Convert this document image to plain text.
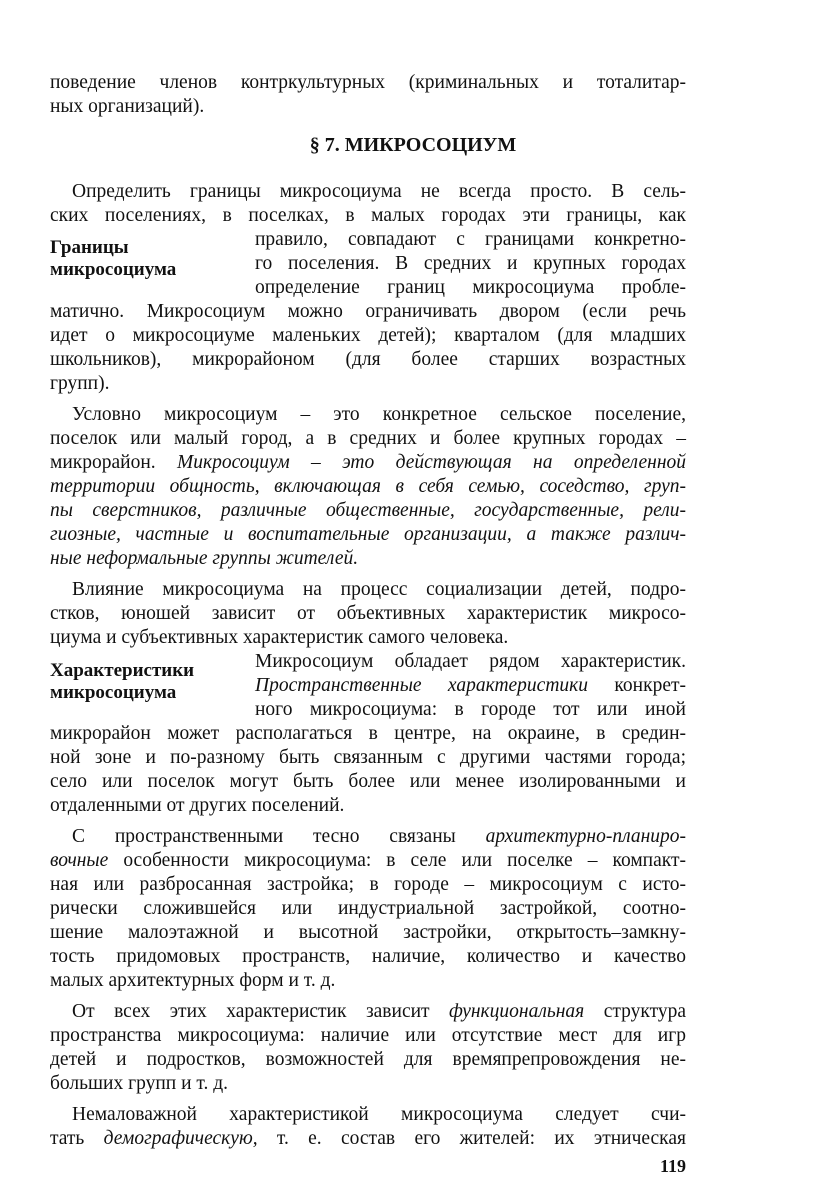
поведение членов контркультурных (криминальных и тоталитар-

ных организаций).

§ 7. МИКРОСОЦИУМ

Определить границы микросоциума не всегда просто. В сель-

ских поселениях, в поселках, в малых городах эти границы, как

Границы

микросоциума

правило, совпадают с границами конкретно-

го поселения. В средних и крупных городах

определение границ микросоциума пробле-

матично. Микросоциум можно ограничивать двором (если речь

идет о микросоциуме маленьких детей); кварталом (для младших

школьников), микрорайоном (для более старших возрастных

групп).

Условно микросоциум – это конкретное сельское поселение,

поселок или малый город, а в средних и более крупных городах –

микрорайон. Микросоциум – это действующая на определенной

территории общность, включающая в себя семью, соседство, груп-

пы сверстников, различные общественные, государственные, рели-

гиозные, частные и воспитательные организации, а также различ-

ные неформальные группы жителей.

Влияние микросоциума на процесс социализации детей, подро-

стков, юношей зависит от объективных характеристик микросо-

циума и субъективных характеристик самого человека.

Характеристики

микросоциума

Микросоциум обладает рядом характеристик.

Пространственные характеристики конкрет-

ного микросоциума: в городе тот или иной

микрорайон может располагаться в центре, на окраине, в средин-

ной зоне и по-разному быть связанным с другими частями города;

село или поселок могут быть более или менее изолированными и

отдаленными от других поселений.

С пространственными тесно связаны архитектурно-планиро-

вочные особенности микросоциума: в селе или поселке – компакт-

ная или разбросанная застройка; в городе – микросоциум с исто-

рически сложившейся или индустриальной застройкой, соотно-

шение малоэтажной и высотной застройки, открытость–замкну-

тость придомовых пространств, наличие, количество и качество

малых архитектурных форм и т. д.

От всех этих характеристик зависит функциональная структура

пространства микросоциума: наличие или отсутствие мест для игр

детей и подростков, возможностей для времяпрепровождения не-

больших групп и т. д.

Немаловажной характеристикой микросоциума следует счи-

тать демографическую, т. е. состав его жителей: их этническая

119
